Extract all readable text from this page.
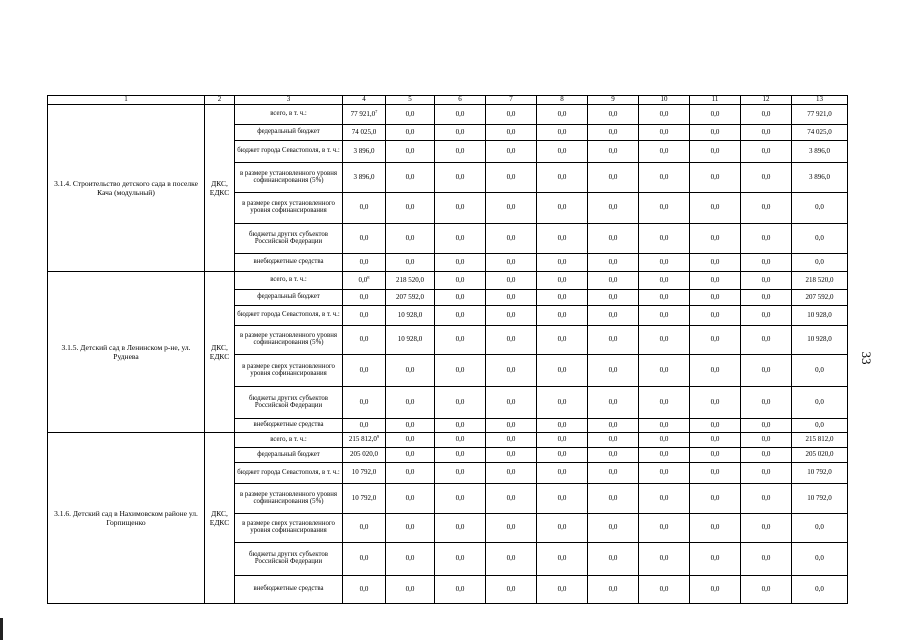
1	2	3	4	5	6	7	8	9	10	11	12	13
3.1.4. Строительство детского сада в поселке Кача (модульный)	ДКС, ЕДКС	всего, в т. ч.:	77 921,0$^7$	0,0	0,0	0,0	0,0	0,0	0,0	0,0	0,0	77 921,0
		федеральный бюджет	74 025,0	0,0	0,0	0,0	0,0	0,0	0,0	0,0	0,0	74 025,0
		бюджет города Севастополя, в т. ч.:	3 896,0	0,0	0,0	0,0	0,0	0,0	0,0	0,0	0,0	3 896,0
		в размере установленного уровня софинансирования (5%)	3 896,0	0,0	0,0	0,0	0,0	0,0	0,0	0,0	0,0	3 896,0
		в размере сверх установленного уровня софинансирования	0,0	0,0	0,0	0,0	0,0	0,0	0,0	0,0	0,0	0,0
		бюджеты других субъектов Российской Федерации	0,0	0,0	0,0	0,0	0,0	0,0	0,0	0,0	0,0	0,0
		внебюджетные средства	0,0	0,0	0,0	0,0	0,0	0,0	0,0	0,0	0,0	0,0
3.1.5. Детский сад в Ленинском р-не, ул. Руднева	ДКС, ЕДКС	всего, в т. ч.:	$0,0^8$	218 520,0	0,0	0,0	0,0	0,0	0,0	0,0	0,0	218 520,0
		федеральный бюджет	0,0	207 592,0	0,0	0,0	0,0	0,0	0,0	0,0	0,0	207 592,0
		бюджет города Севастополя, в т. ч.:	0,0	10 928,0	0,0	0,0	0,0	0,0	0,0	0,0	0,0	10 928,0
		в размере установленного уровня софинансирования (5%)	0,0	10 928,0	0,0	0,0	0,0	0,0	0,0	0,0	0,0	10 928,0
		в размере сверх установленного уровня софинансирования	0,0	0,0	0,0	0,0	0,0	0,0	0,0	0,0	0,0	0,0
		бюджеты других субъектов Российской Федерации	0,0	0,0	0,0	0,0	0,0	0,0	0,0	0,0	0,0	0,0
		внебюджетные средства	0,0	0,0	0,0	0,0	0,0	0,0	0,0	0,0	0,0	0,0
3.1.6. Детский сад в Нахимовском районе ул. Горпищенко	ДКС, ЕДКС	всего, в т. ч.:	215 812,0$^9$	0,0	0,0	0,0	0,0	0,0	0,0	0,0	0,0	215 812,0
		федеральный бюджет	205 020,0	0,0	0,0	0,0	0,0	0,0	0,0	0,0	0,0	205 020,0
		бюджет города Севастополя, в т. ч.:	10 792,0	0,0	0,0	0,0	0,0	0,0	0,0	0,0	0,0	10 792,0
		в размере установленного уровня софинансирования (5%)	10 792,0	0,0	0,0	0,0	0,0	0,0	0,0	0,0	0,0	10 792,0
		в размере сверх установленного уровня софинансирования	0,0	0,0	0,0	0,0	0,0	0,0	0,0	0,0	0,0	0,0
		бюджеты других субъектов Российской Федерации	0,0	0,0	0,0	0,0	0,0	0,0	0,0	0,0	0,0	0,0
		внебюджетные средства	0,0	0,0	0,0	0,0	0,0	0,0	0,0	0,0	0,0	0,0
33
